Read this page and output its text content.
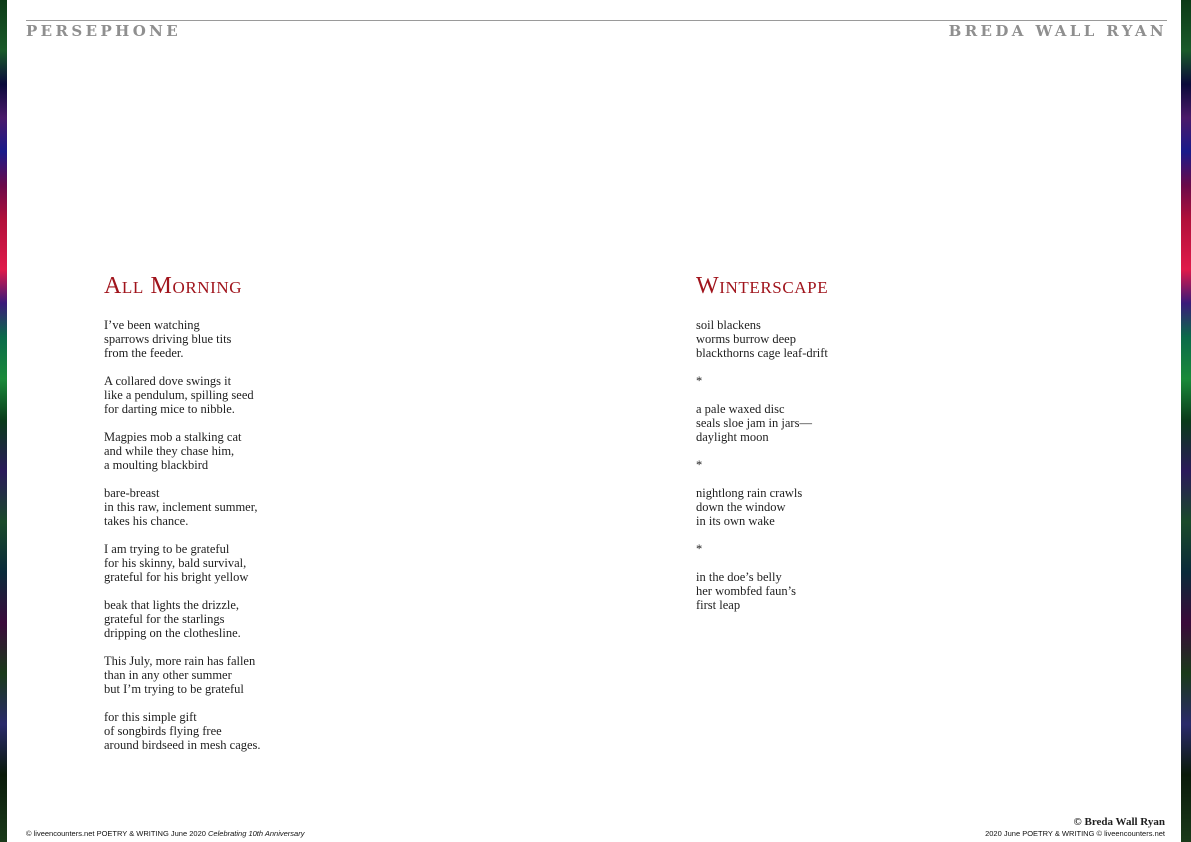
PERSEPHONE	BREDA WALL RYAN
All Morning
I’ve been watching
sparrows driving blue tits
from the feeder.
A collared dove swings it
like a pendulum, spilling seed
for darting mice to nibble.
Magpies mob a stalking cat
and while they chase him,
a moulting blackbird
bare-breast
in this raw, inclement summer,
takes his chance.
I am trying to be grateful
for his skinny, bald survival,
grateful for his bright yellow
beak that lights the drizzle,
grateful for the starlings
dripping on the clothesline.
This July, more rain has fallen
than in any other summer
but I’m trying to be grateful
for this simple gift
of songbirds flying free
around birdseed in mesh cages.
Winterscape
soil blackens
worms burrow deep
blackthorns cage leaf-drift
*
a pale waxed disc
seals sloe jam in jars—
daylight moon
*
nightlong rain crawls
down the window
in its own wake
*
in the doe’s belly
her wombfed faun’s
first leap
© liveencounters.net POETRY & WRITING June 2020 Celebrating 10th Anniversary
© Breda Wall Ryan
2020 June POETRY & WRITING © liveencounters.net
